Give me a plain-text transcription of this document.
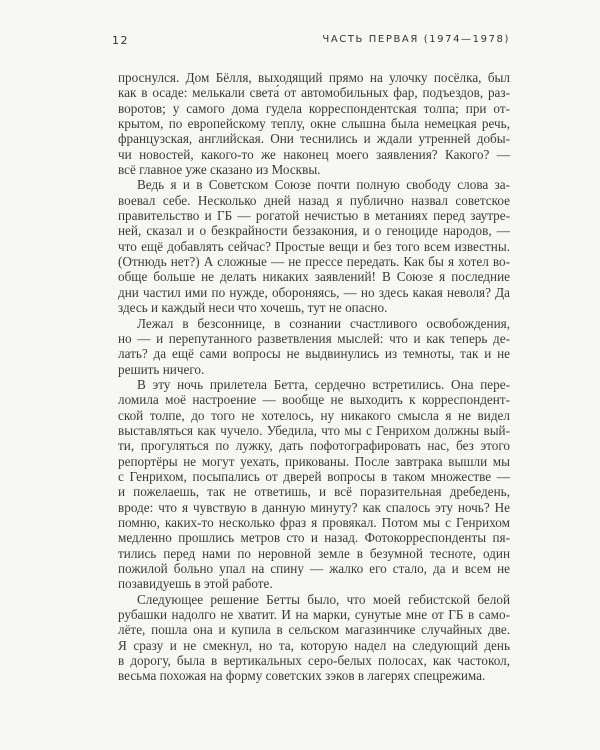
12	ЧАСТЬ ПЕРВАЯ (1974—1978)
проснулся. Дом Бёлля, выходящий прямо на улочку посёлка, был
как в осаде: мелькали света́ от автомобильных фар, подъездов, раз-
воротов; у самого дома гудела корреспондентская толпа; при от-
крытом, по европейскому теплу, окне слышна была немецкая речь,
французская, английская. Они теснились и ждали утренней добы-
чи новостей, какого-то же наконец моего заявления? Какого? —
всё главное уже сказано из Москвы.
Ведь я и в Советском Союзе почти полную свободу слова за-
воевал себе. Несколько дней назад я публично назвал советское
правительство и ГБ — рогатой нечистью в метаниях перед заутре-
ней, сказал и о безкрайности беззакония, и о геноциде народов, —
что ещё добавлять сейчас? Простые вещи и без того всем известны.
(Отнюдь нет?) А сложные — не прессе передать. Как бы я хотел во-
обще больше не делать никаких заявлений! В Союзе я последние
дни частил ими по нужде, обороняясь, — но здесь какая неволя? Да
здесь и каждый неси что хочешь, тут не опасно.
Лежал в безсоннице, в сознании счастливого освобождения,
но — и перепутанного разветвления мыслей: что и как теперь де-
лать? да ещё сами вопросы не выдвинулись из темноты, так и не
решить ничего.
В эту ночь прилетела Бетта, сердечно встретились. Она пере-
ломила моё настроение — вообще не выходить к корреспондент-
ской толпе, до того не хотелось, ну никакого смысла я не видел
выставляться как чучело. Убедила, что мы с Генрихом должны вый-
ти, прогуляться по лужку, дать пофотографировать нас, без этого
репортёры не могут уехать, прикованы. После завтрака вышли мы
с Генрихом, посыпались от дверей вопросы в таком множестве —
и пожелаешь, так не ответишь, и всё поразительная дребедень,
вроде: что я чувствую в данную минуту? как спалось эту ночь? Не
помню, каких-то несколько фраз я провякал. Потом мы с Генрихом
медленно прошлись метров сто и назад. Фотокорреспонденты пя-
тились перед нами по неровной земле в безумной тесноте, один
пожилой больно упал на спину — жалко его стало, да и всем не
позавидуешь в этой работе.
Следующее решение Бетты было, что моей гебистской белой
рубашки надолго не хватит. И на марки, сунутые мне от ГБ в само-
лёте, пошла она и купила в сельском магазинчике случайных две.
Я сразу и не смекнул, но та, которую надел на следующий день
в дорогу, была в вертикальных серо-белых полосах, как частокол,
весьма похожая на форму советских зэков в лагерях спецрежима.
